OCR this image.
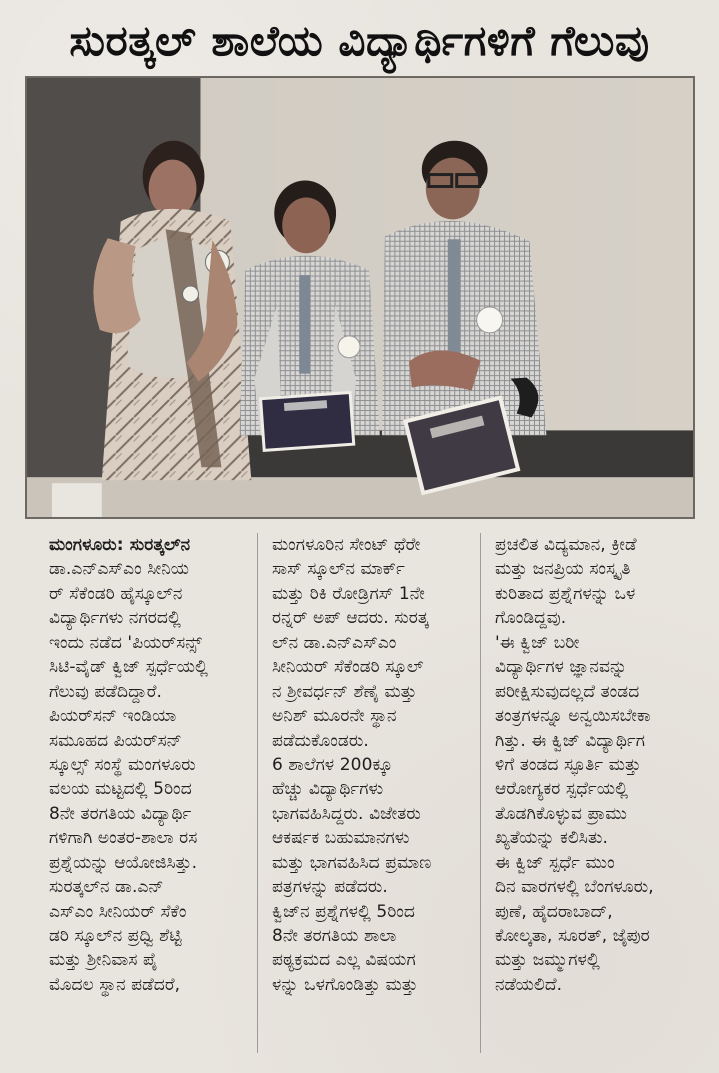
ಸುರತ್ಕಲ್ ಶಾಲೆಯ ವಿದ್ಯಾರ್ಥಿಗಳಿಗೆ ಗೆಲುವು
ಮಂಗಳೂರು: ಸುರತ್ಕಲ್‌ನ
ಡಾ.ಎನ್‌ಎಸ್‌ಎಂ ಸೀನಿಯ
ರ್ ಸೆಕೆಂಡರಿ ಹೈಸ್ಕೂಲ್‌ನ
ವಿದ್ಯಾರ್ಥಿಗಳು ನಗರದಲ್ಲಿ
ಇಂದು ನಡೆದ 'ಪಿಯರ್‌ಸನ್ಸ್
ಸಿಟಿ-ವೈಡ್ ಕ್ವಿಜ್ ಸ್ಪರ್ಧೆಯಲ್ಲಿ
ಗೆಲುವು ಪಡೆದಿದ್ದಾರೆ.
ಪಿಯರ್‌ಸನ್ ಇಂಡಿಯಾ
ಸಮೂಹದ ಪಿಯರ್‌ಸನ್
ಸ್ಕೂಲ್ಸ್ ಸಂಸ್ಥೆ ಮಂಗಳೂರು
ವಲಯ ಮಟ್ಟದಲ್ಲಿ 5ರಿಂದ
8ನೇ ತರಗತಿಯ ವಿದ್ಯಾರ್ಥಿ
ಗಳಿಗಾಗಿ ಅಂತರ-ಶಾಲಾ ರಸ
ಪ್ರಶ್ನೆಯನ್ನು ಆಯೋಜಿಸಿತ್ತು.
ಸುರತ್ಕಲ್‌ನ ಡಾ.ಎನ್
ಎಸ್‌ಎಂ ಸೀನಿಯರ್ ಸೆಕೆಂ
ಡರಿ ಸ್ಕೂಲ್‌ನ ಪ್ರಧ್ವಿ ಶೆಟ್ಟಿ
ಮತ್ತು ಶ್ರೀನಿವಾಸ ಪೈ
ಮೊದಲ ಸ್ಥಾನ ಪಡೆದರೆ,
ಮಂಗಳೂರಿನ ಸೇಂಟ್ ಥೆರೇ
ಸಾಸ್ ಸ್ಕೂಲ್‌ನ ಮಾರ್ಕ್
ಮತ್ತು ರಿಕಿ ರೋಡ್ರಿಗಸ್ 1ನೇ
ರನ್ನರ್ ಅಪ್ ಆದರು. ಸುರತ್ಕ
ಲ್‌ನ ಡಾ.ಎನ್‌ಎಸ್‌ಎಂ
ಸೀನಿಯರ್ ಸೆಕೆಂಡರಿ ಸ್ಕೂಲ್
ನ ಶ್ರೀವರ್ಧನ್ ಶೆಣೈ ಮತ್ತು
ಅನಿಶ್ ಮೂರನೇ ಸ್ಥಾನ
ಪಡೆದುಕೊಂಡರು.
6 ಶಾಲೆಗಳ 200ಕ್ಕೂ
ಹೆಚ್ಚು ವಿದ್ಯಾರ್ಥಿಗಳು
ಭಾಗವಹಿಸಿದ್ದರು. ವಿಜೇತರು
ಆಕರ್ಷಕ ಬಹುಮಾನಗಳು
ಮತ್ತು ಭಾಗವಹಿಸಿದ ಪ್ರಮಾಣ
ಪತ್ರಗಳನ್ನು ಪಡೆದರು.
ಕ್ವಿಜ್‌ನ ಪ್ರಶ್ನೆಗಳಲ್ಲಿ 5ರಿಂದ
8ನೇ ತರಗತಿಯ ಶಾಲಾ
ಪಠ್ಯಕ್ರಮದ ಎಲ್ಲ ವಿಷಯಗ
ಳನ್ನು ಒಳಗೊಂಡಿತ್ತು ಮತ್ತು
ಪ್ರಚಲಿತ ವಿದ್ಯಮಾನ, ಕ್ರೀಡೆ
ಮತ್ತು ಜನಪ್ರಿಯ ಸಂಸ್ಕೃತಿ
ಕುರಿತಾದ ಪ್ರಶ್ನೆಗಳನ್ನು ಒಳ
ಗೊಂಡಿದ್ದವು.
'ಈ ಕ್ವಿಜ್ ಬರೀ
ವಿದ್ಯಾರ್ಥಿಗಳ ಜ್ಞಾನವನ್ನು
ಪರೀಕ್ಷಿಸುವುದಲ್ಲದೆ ತಂಡದ
ತಂತ್ರಗಳನ್ನೂ ಅನ್ವಯಿಸಬೇಕಾ
ಗಿತ್ತು. ಈ ಕ್ವಿಜ್ ವಿದ್ಯಾರ್ಥಿಗ
ಳಿಗೆ ತಂಡದ ಸ್ಫೂರ್ತಿ ಮತ್ತು
ಆರೋಗ್ಯಕರ ಸ್ಪರ್ಧೆಯಲ್ಲಿ
ತೊಡಗಿಕೊಳ್ಳುವ ಪ್ರಾಮು
ಖ್ಯತೆಯನ್ನು ಕಲಿಸಿತು.
ಈ ಕ್ವಿಜ್ ಸ್ಪರ್ಧೆ ಮುಂ
ದಿನ ವಾರಗಳಲ್ಲಿ ಬೆಂಗಳೂರು,
ಪುಣೆ, ಹೈದರಾಬಾದ್,
ಕೋಲ್ಕತಾ, ಸೂರತ್, ಜೈಪುರ
ಮತ್ತು ಜಮ್ಮುಗಳಲ್ಲಿ
ನಡೆಯಲಿದೆ.
